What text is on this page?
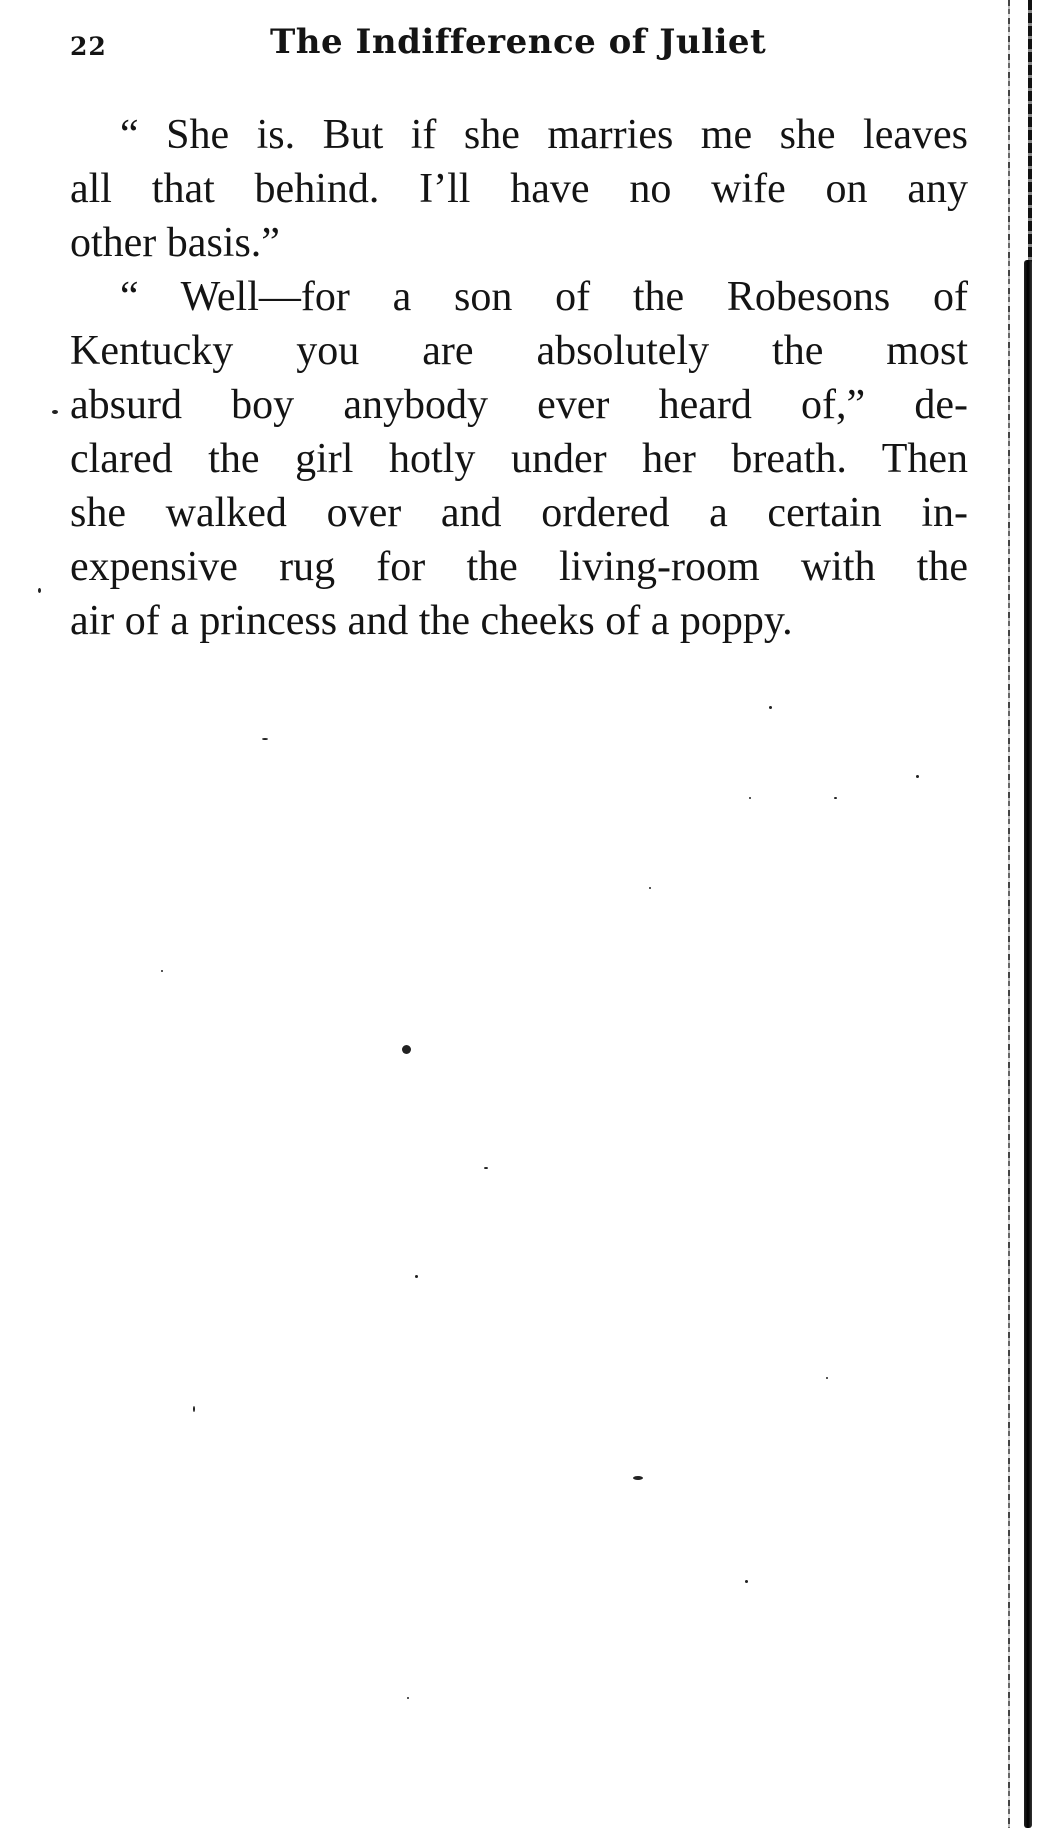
22	The Indifference of Juliet
“ She is. But if she marries me she leaves
all that behind. I’ll have no wife on any
other basis.”
“ Well—for a son of the Robesons of
Kentucky you are absolutely the most
absurd boy anybody ever heard of,” de-
clared the girl hotly under her breath. Then
she walked over and ordered a certain in-
expensive rug for the living-room with the
air of a princess and the cheeks of a poppy.
